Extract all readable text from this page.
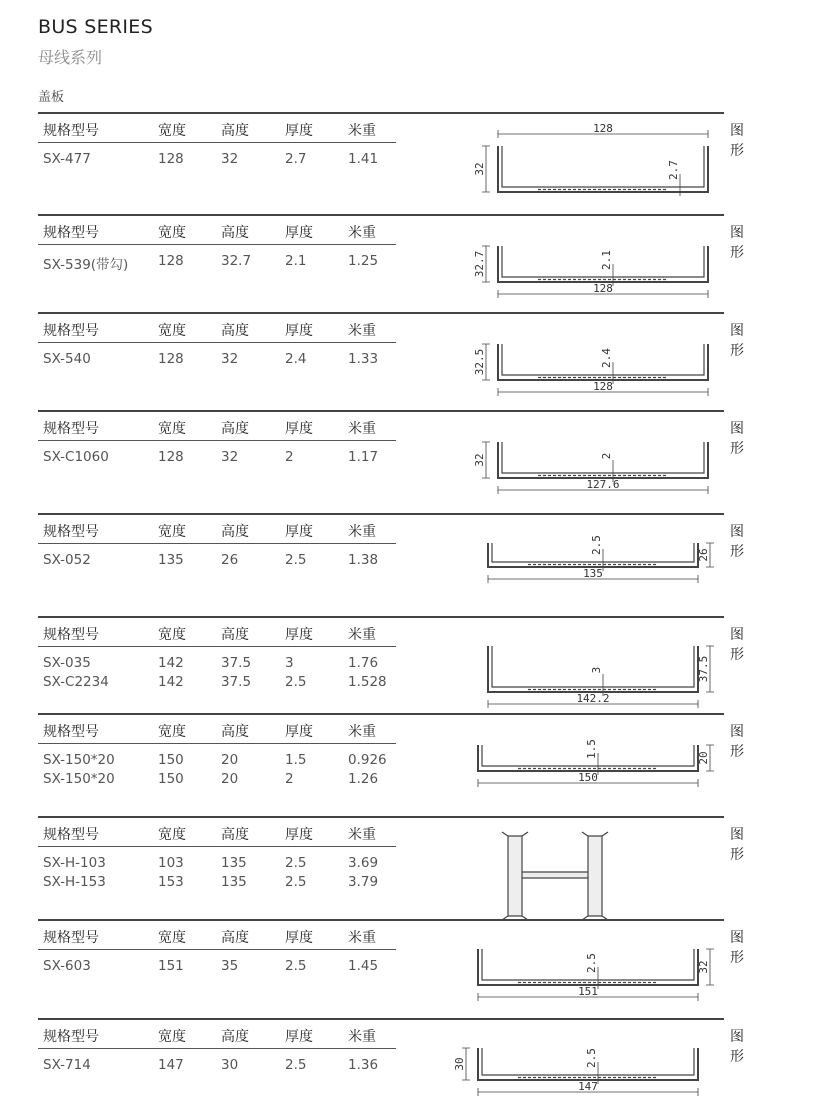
BUS SERIES
母线系列
盖板
规格型号	宽度	高度	厚度	米重
SX-477	128	32	2.7	1.41
图形
128
32	2.7
规格型号	宽度	高度	厚度	米重
SX-539(带勾) 128	32.7	2.1	1.25
图形
128
32.7	2.1
规格型号	宽度	高度	厚度	米重
SX-540	128	32	2.4	1.33
图形
128
32.5	2.4
规格型号	宽度	高度	厚度	米重
SX-C1060	128	32	2	1.17
图形
127.6
32	2
规格型号	宽度	高度	厚度	米重
SX-052	135	26	2.5	1.38
图形
135
26
2.5
规格型号	宽度	高度	厚度	米重
SX-035	142	37.5	3	1.76
SX-C2234	142	37.5	2.5	1.528
图形
142.2
37.5
3
规格型号	宽度	高度	厚度	米重
SX-150*20	150	20	1.5	0.926
SX-150*20	150	20	2	1.26
图形
150
20
1.5
规格型号	宽度	高度	厚度	米重
SX-H-103	103	135	2.5	3.69
SX-H-153	153	135	2.5	3.79
图形
规格型号	宽度	高度	厚度	米重
SX-603	151	35	2.5	1.45
图形
151
32
2.5
规格型号	宽度	高度	厚度	米重
SX-714	147	30	2.5	1.36
图形
147
30	2.5
